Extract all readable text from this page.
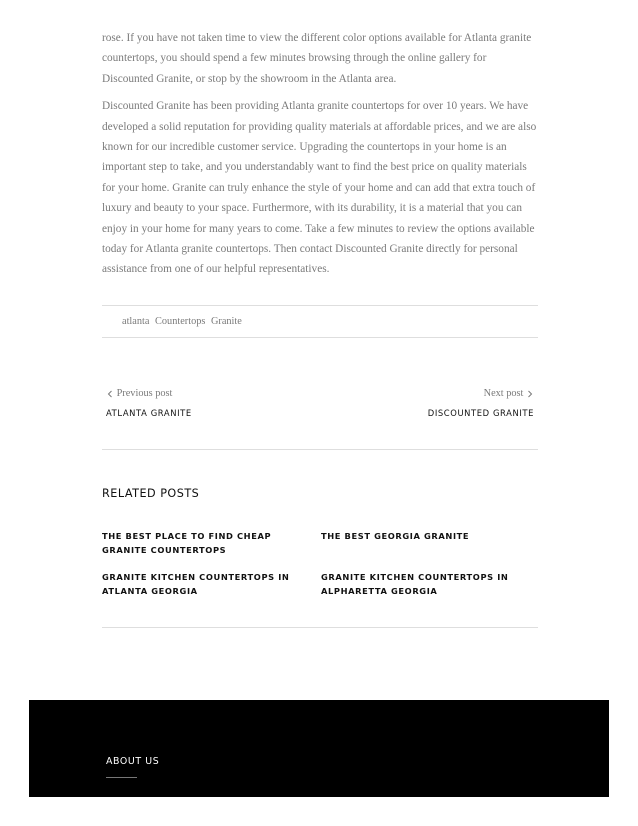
rose. If you have not taken time to view the different color options available for Atlanta granite countertops, you should spend a few minutes browsing through the online gallery for Discounted Granite, or stop by the showroom in the Atlanta area.

Discounted Granite has been providing Atlanta granite countertops for over 10 years. We have developed a solid reputation for providing quality materials at affordable prices, and we are also known for our incredible customer service. Upgrading the countertops in your home is an important step to take, and you understandably want to find the best price on quality materials for your home. Granite can truly enhance the style of your home and can add that extra touch of luxury and beauty to your space. Furthermore, with its durability, it is a material that you can enjoy in your home for many years to come. Take a few minutes to review the options available today for Atlanta granite countertops. Then contact Discounted Granite directly for personal assistance from one of our helpful representatives.

atlanta Countertops Granite
Previous post
ATLANTA GRANITE
Next post
DISCOUNTED GRANITE
RELATED POSTS
THE BEST PLACE TO FIND CHEAP GRANITE COUNTERTOPS
THE BEST GEORGIA GRANITE
GRANITE KITCHEN COUNTERTOPS IN ATLANTA GEORGIA
GRANITE KITCHEN COUNTERTOPS IN ALPHARETTA GEORGIA
ABOUT US
